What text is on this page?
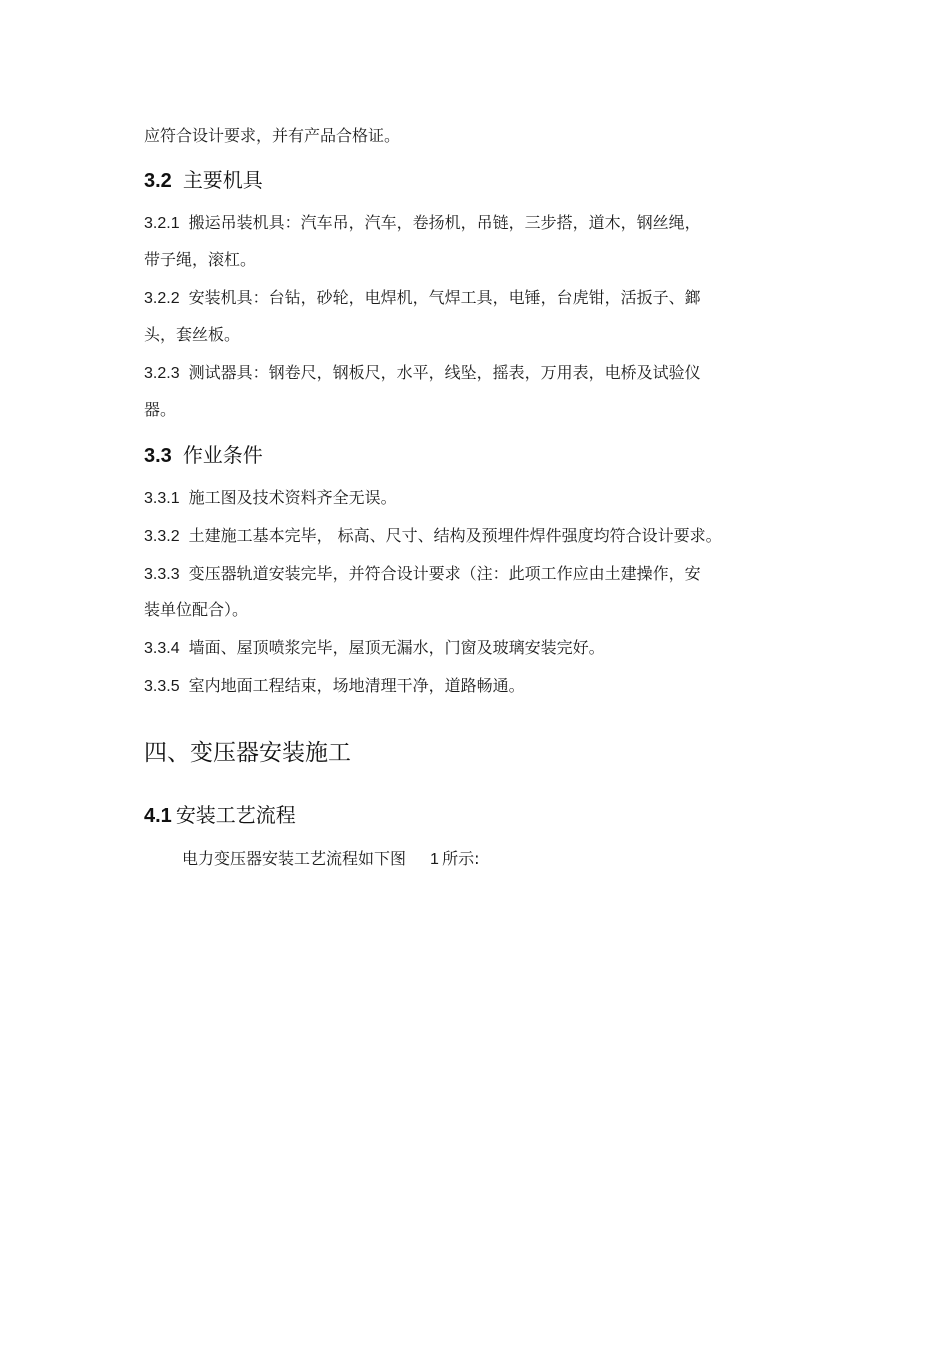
应符合设计要求，并有产品合格证。
3.2 主要机具
3.2.1 搬运吊装机具：汽车吊，汽车，卷扬机，吊链，三步搭，道木，钢丝绳，
带子绳，滚杠。
3.2.2 安装机具：台钻，砂轮，电焊机，气焊工具，电锤，台虎钳，活扳子、鎯
头，套丝板。
3.2.3 测试器具：钢卷尺，钢板尺，水平，线坠，摇表，万用表，电桥及试验仪
器。
3.3 作业条件
3.3.1 施工图及技术资料齐全无误。
3.3.2 土建施工基本完毕， 标高、尺寸、结构及预埋件焊件强度均符合设计要求。
3.3.3 变压器轨道安装完毕，并符合设计要求（注：此项工作应由土建操作，安
装单位配合）。
3.3.4 墙面、屋顶喷浆完毕，屋顶无漏水，门窗及玻璃安装完好。
3.3.5 室内地面工程结束，场地清理干净，道路畅通。
四、变压器安装施工
4.1 安装工艺流程
电力变压器安装工艺流程如下图 1  所示:
